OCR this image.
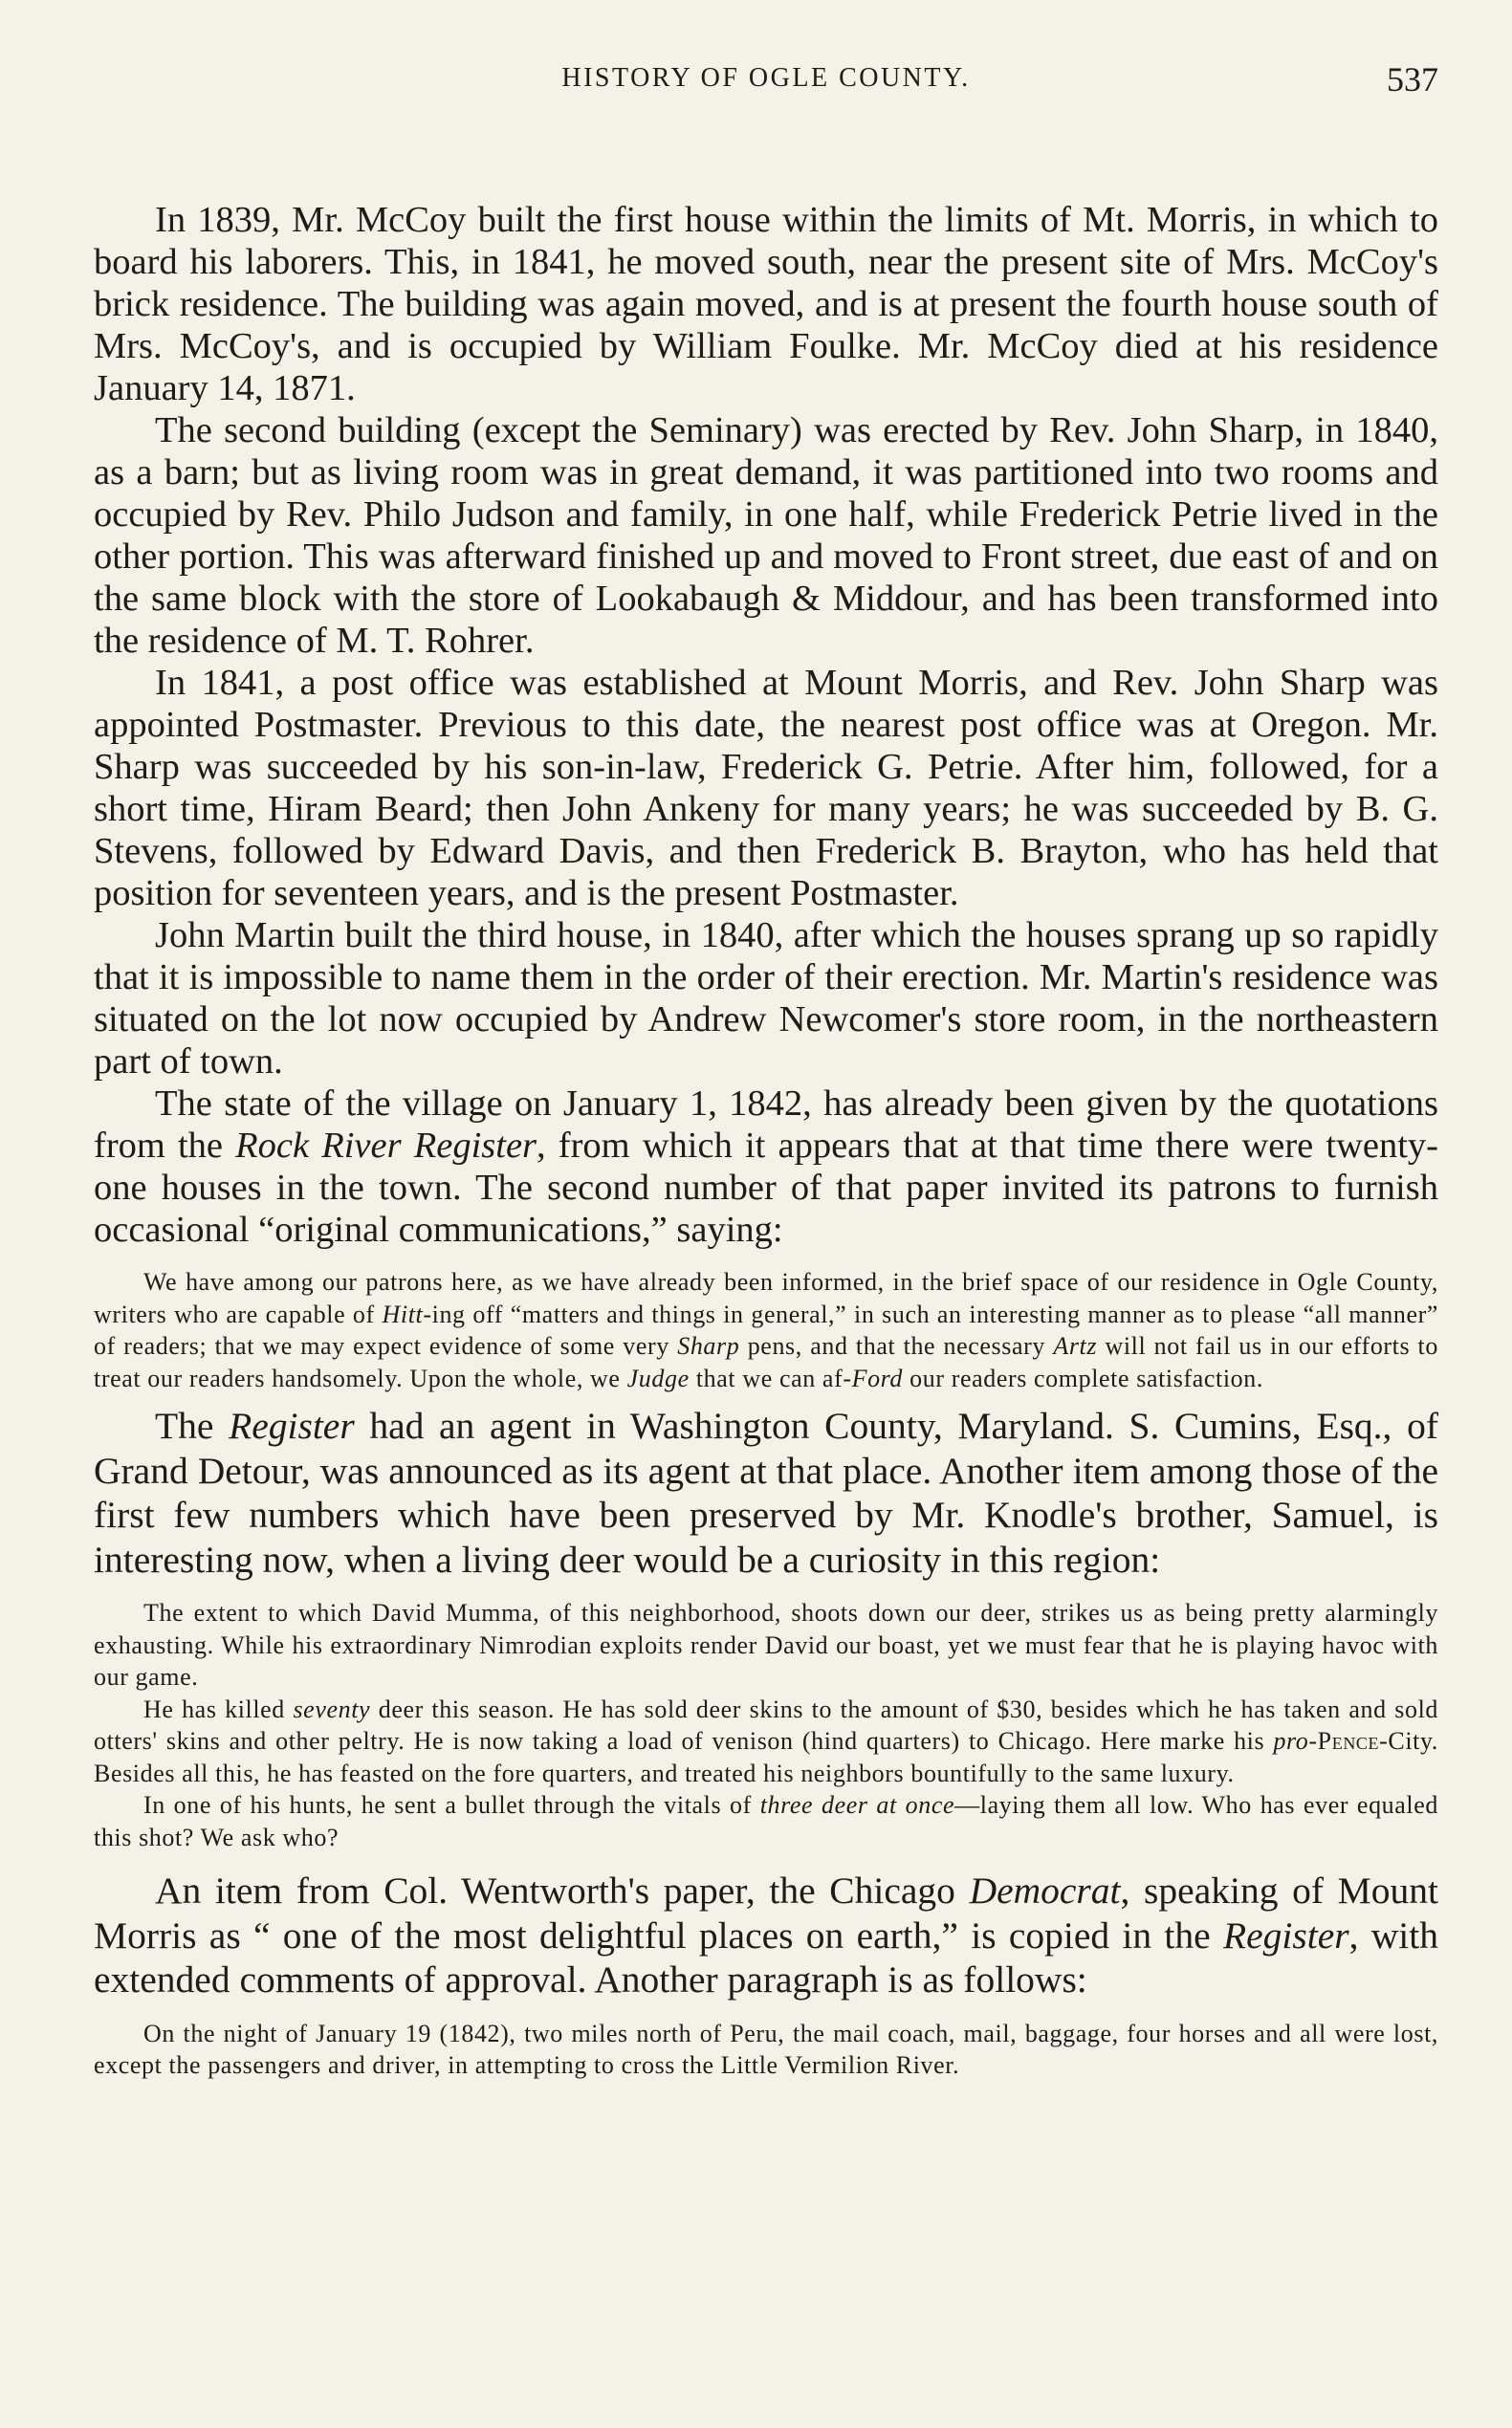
HISTORY OF OGLE COUNTY.	537

In 1839, Mr. McCoy built the first house within the limits of Mt. Morris, in which to board his laborers. This, in 1841, he moved south, near the present site of Mrs. McCoy's brick residence. The building was again moved, and is at present the fourth house south of Mrs. McCoy's, and is occupied by William Foulke. Mr. McCoy died at his residence January 14, 1871.

The second building (except the Seminary) was erected by Rev. John Sharp, in 1840, as a barn; but as living room was in great demand, it was partitioned into two rooms and occupied by Rev. Philo Judson and family, in one half, while Frederick Petrie lived in the other portion. This was afterward finished up and moved to Front street, due east of and on the same block with the store of Lookabaugh & Middour, and has been transformed into the residence of M. T. Rohrer.

In 1841, a post office was established at Mount Morris, and Rev. John Sharp was appointed Postmaster. Previous to this date, the nearest post office was at Oregon. Mr. Sharp was succeeded by his son-in-law, Frederick G. Petrie. After him, followed, for a short time, Hiram Beard; then John Ankeny for many years; he was succeeded by B. G. Stevens, followed by Edward Davis, and then Frederick B. Brayton, who has held that position for seventeen years, and is the present Postmaster.

John Martin built the third house, in 1840, after which the houses sprang up so rapidly that it is impossible to name them in the order of their erection. Mr. Martin's residence was situated on the lot now occupied by Andrew Newcomer's store room, in the northeastern part of town.

The state of the village on January 1, 1842, has already been given by the quotations from the Rock River Register, from which it appears that at that time there were twenty-one houses in the town. The second number of that paper invited its patrons to furnish occasional “original communications,” saying:

We have among our patrons here, as we have already been informed, in the brief space of our residence in Ogle County, writers who are capable of Hitt-ing off “matters and things in general,” in such an interesting manner as to please “all manner” of readers; that we may expect evidence of some very Sharp pens, and that the necessary Artz will not fail us in our efforts to treat our readers handsomely. Upon the whole, we Judge that we can af-Ford our readers complete satisfaction.

The Register had an agent in Washington County, Maryland. S. Cumins, Esq., of Grand Detour, was announced as its agent at that place. Another item among those of the first few numbers which have been preserved by Mr. Knodle's brother, Samuel, is interesting now, when a living deer would be a curiosity in this region:

The extent to which David Mumma, of this neighborhood, shoots down our deer, strikes us as being pretty alarmingly exhausting. While his extraordinary Nimrodian exploits render David our boast, yet we must fear that he is playing havoc with our game.

He has killed seventy deer this season. He has sold deer skins to the amount of $30, besides which he has taken and sold otters' skins and other peltry. He is now taking a load of venison (hind quarters) to Chicago. Here marke his pro-Pence-City. Besides all this, he has feasted on the fore quarters, and treated his neighbors bountifully to the same luxury.

In one of his hunts, he sent a bullet through the vitals of three deer at once—laying them all low. Who has ever equaled this shot? We ask who?

An item from Col. Wentworth's paper, the Chicago Democrat, speaking of Mount Morris as “ one of the most delightful places on earth,” is copied in the Register, with extended comments of approval. Another paragraph is as follows:

On the night of January 19 (1842), two miles north of Peru, the mail coach, mail, baggage, four horses and all were lost, except the passengers and driver, in attempting to cross the Little Vermilion River.
